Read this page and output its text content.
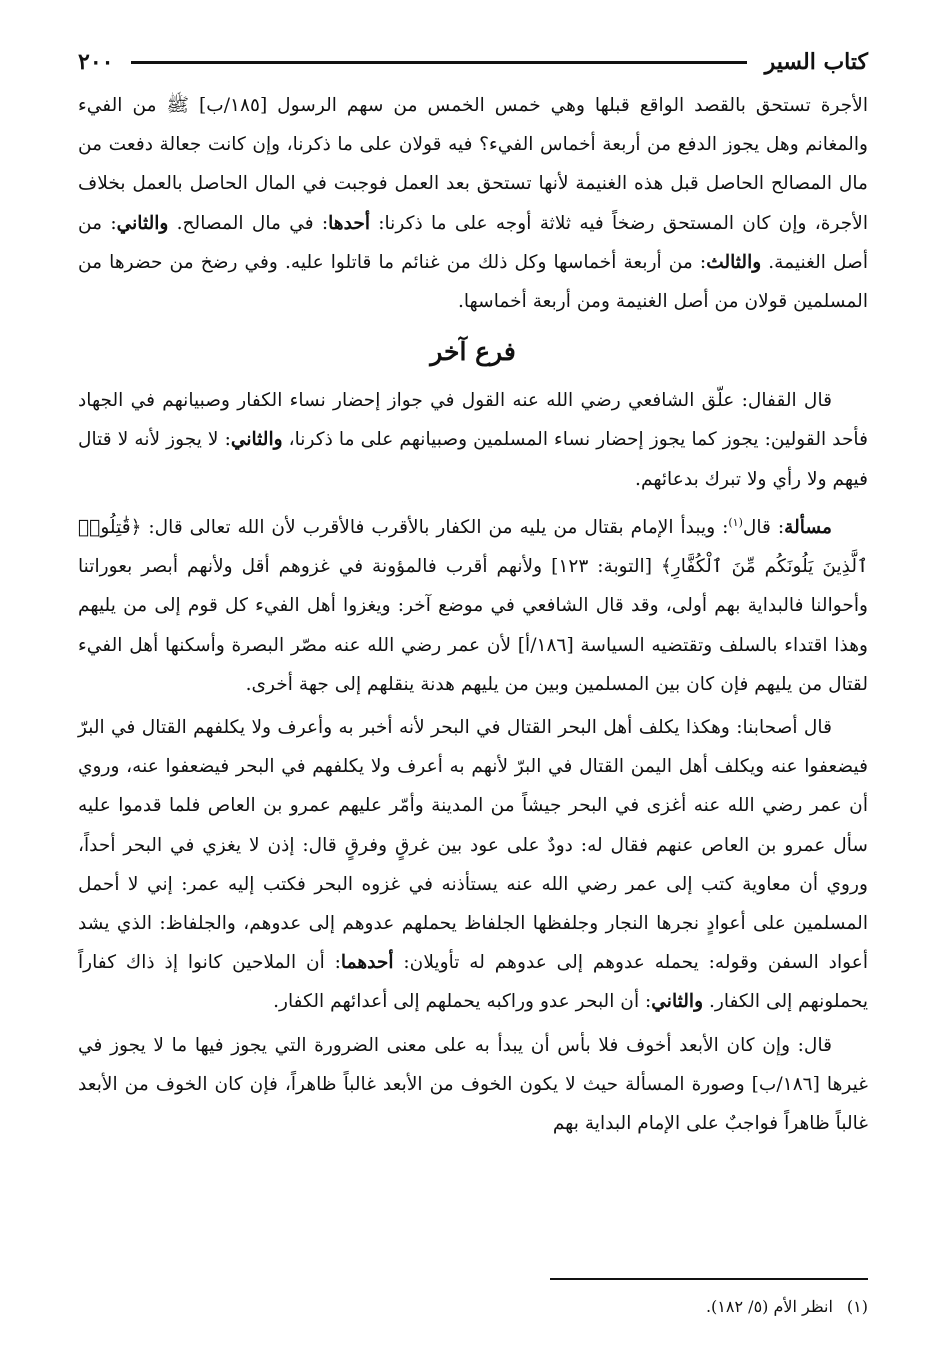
كتاب السير
٢٠٠

الأجرة تستحق بالقصد الواقع قبلها وهي خمس الخمس من سهم الرسول [١٨٥/ب] ﷺ من الفيء والمغانم وهل يجوز الدفع من أربعة أخماس الفيء؟ فيه قولان على ما ذكرنا، وإن كانت جعالة دفعت من مال المصالح الحاصل قبل هذه الغنيمة لأنها تستحق بعد العمل فوجبت في المال الحاصل بالعمل بخلاف الأجرة، وإن كان المستحق رضخاً فيه ثلاثة أوجه على ما ذكرنا: أحدها: في مال المصالح. والثاني: من أصل الغنيمة. والثالث: من أربعة أخماسها وكل ذلك من غنائم ما قاتلوا عليه. وفي رضخ من حضرها من المسلمين قولان من أصل الغنيمة ومن أربعة أخماسها.

فرع آخر

قال القفال: علّق الشافعي رضي الله عنه القول في جواز إحضار نساء الكفار وصبيانهم في الجهاد فأحد القولين: يجوز كما يجوز إحضار نساء المسلمين وصبيانهم على ما ذكرنا، والثاني: لا يجوز لأنه لا قتال فيهم ولا رأي ولا تبرك بدعائهم.

مسألة: قال$^{(١)}$: ويبدأ الإمام بقتال من يليه من الكفار بالأقرب فالأقرب لأن الله تعالى قال: ﴿قَٰتِلُوا۟ ٱلَّذِينَ يَلُونَكُم مِّنَ ٱلْكُفَّارِ﴾ [التوبة: ١٢٣] ولأنهم أقرب فالمؤونة في غزوهم أقل ولأنهم أبصر بعوراتنا وأحوالنا فالبداية بهم أولى، وقد قال الشافعي في موضع آخر: ويغزوا أهل الفيء كل قوم إلى من يليهم وهذا اقتداء بالسلف وتقتضيه السياسة [١٨٦/أ] لأن عمر رضي الله عنه مصّر البصرة وأسكنها أهل الفيء لقتال من يليهم فإن كان بين المسلمين وبين من يليهم هدنة ينقلهم إلى جهة أخرى.

قال أصحابنا: وهكذا يكلف أهل البحر القتال في البحر لأنه أخبر به وأعرف ولا يكلفهم القتال في البرّ فيضعفوا عنه ويكلف أهل اليمن القتال في البرّ لأنهم به أعرف ولا يكلفهم في البحر فيضعفوا عنه، وروي أن عمر رضي الله عنه أغزى في البحر جيشاً من المدينة وأمّر عليهم عمرو بن العاص فلما قدموا عليه سأل عمرو بن العاص عنهم فقال له: دودٌ على عود بين غرقٍ وفرقٍ قال: إذن لا يغزي في البحر أحداً، وروي أن معاوية كتب إلى عمر رضي الله عنه يستأذنه في غزوه البحر فكتب إليه عمر: إني لا أحمل المسلمين على أعوادٍ نجرها النجار وجلفظها الجلفاظ يحملهم عدوهم إلى عدوهم، والجلفاظ: الذي يشد أعواد السفن وقوله: يحمله عدوهم إلى عدوهم له تأويلان: أحدهما: أن الملاحين كانوا إذ ذاك كفاراً يحملونهم إلى الكفار. والثاني: أن البحر عدو وراكبه يحملهم إلى أعدائهم الكفار.

قال: وإن كان الأبعد أخوف فلا بأس أن يبدأ به على معنى الضرورة التي يجوز فيها ما لا يجوز في غيرها [١٨٦/ب] وصورة المسألة حيث لا يكون الخوف من الأبعد غالباً ظاهراً، فإن كان الخوف من الأبعد غالباً ظاهراً فواجبٌ على الإمام البداية بهم

(١)انظر الأم (٥/ ١٨٢).
